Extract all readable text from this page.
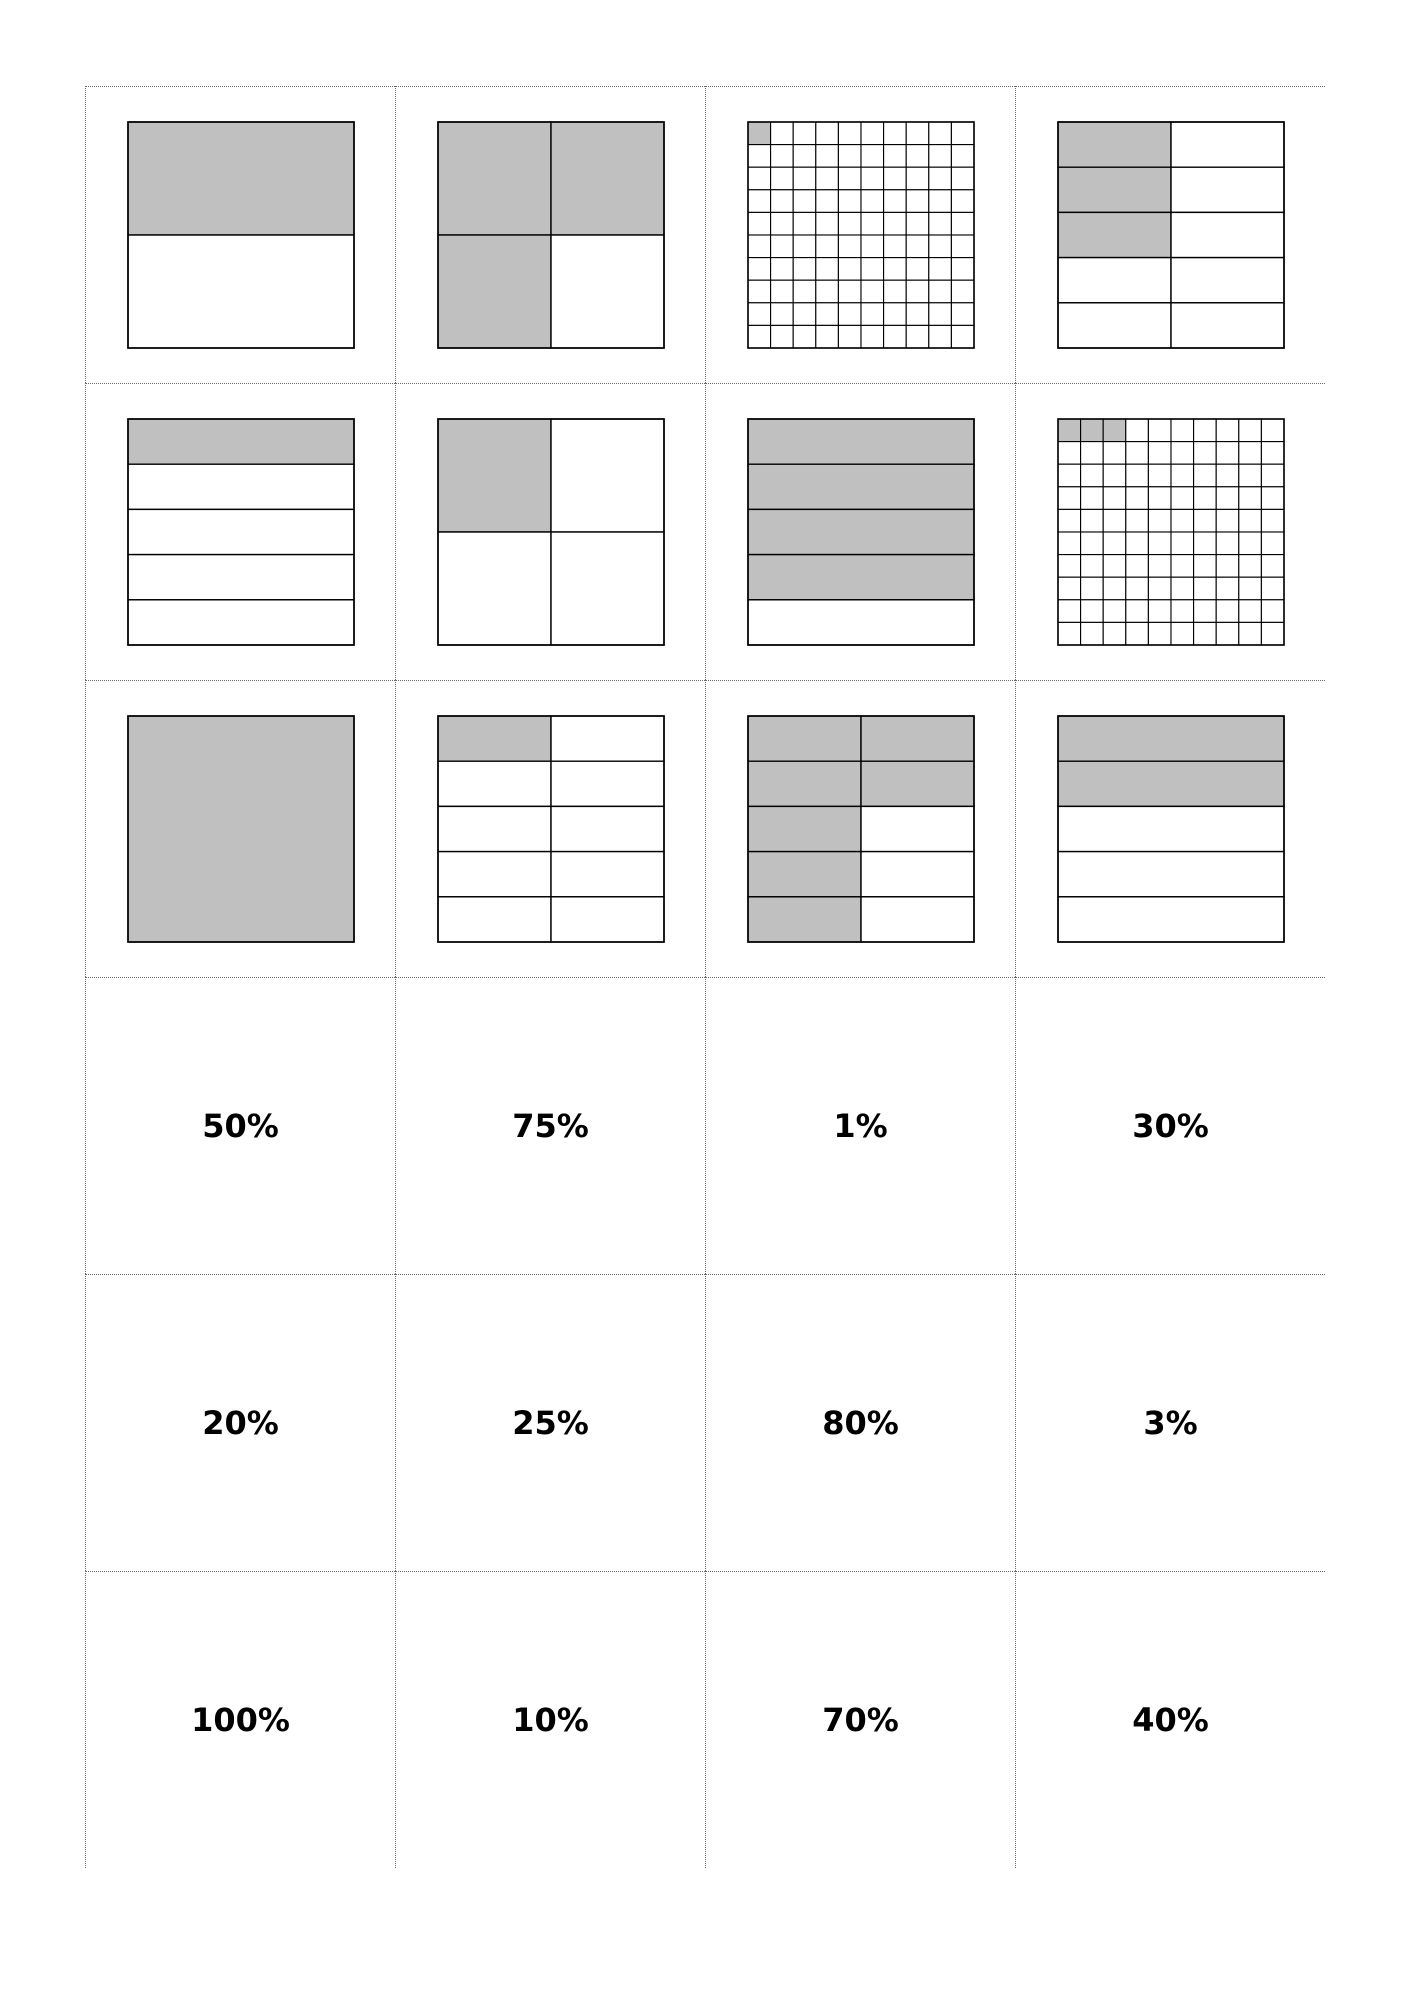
50%	75%	1%	30%
20%	25%	80%	3%
100%	10%	70%	40%
